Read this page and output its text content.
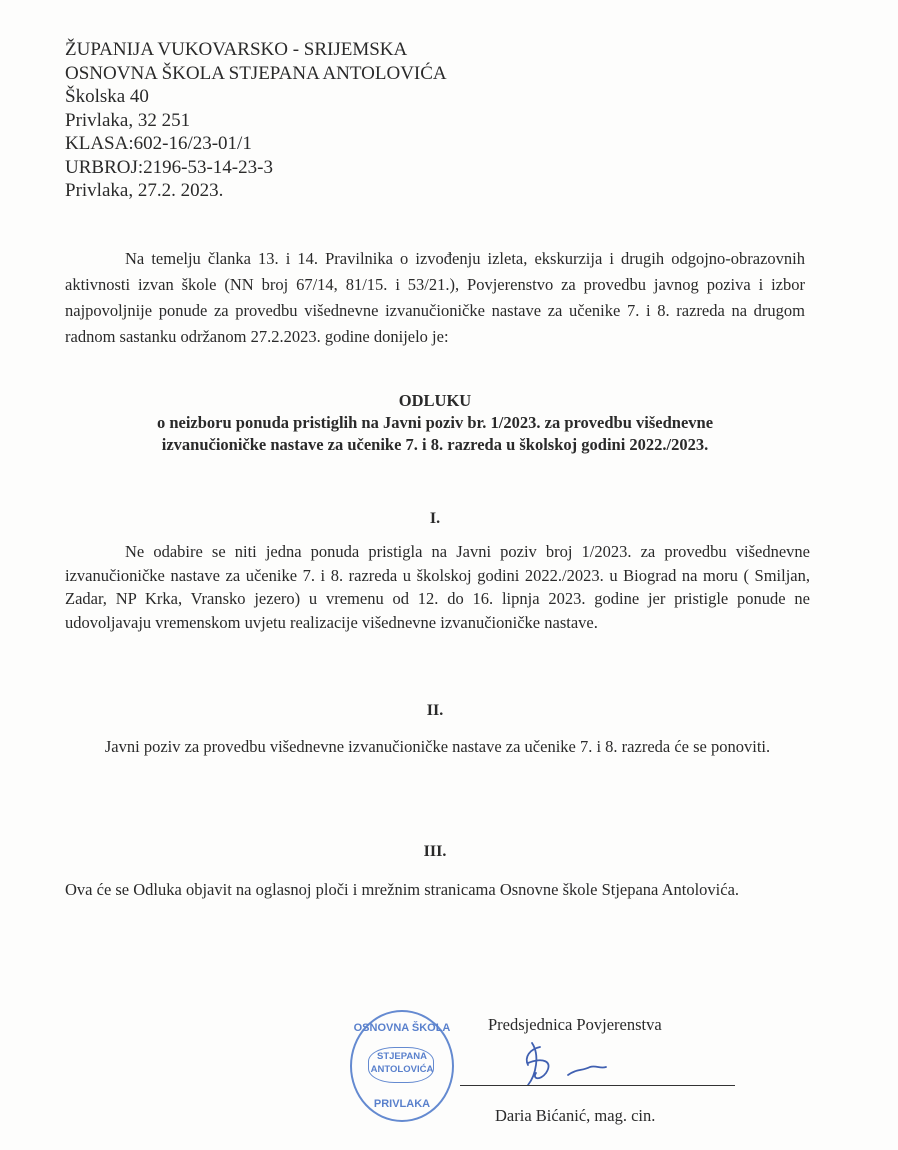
ŽUPANIJA VUKOVARSKO - SRIJEMSKA
OSNOVNA ŠKOLA STJEPANA ANTOLOVIĆA
Školska 40
Privlaka, 32 251
KLASA:602-16/23-01/1
URBROJ:2196-53-14-23-3
Privlaka, 27.2. 2023.
Na temelju članka 13. i 14. Pravilnika o izvođenju izleta, ekskurzija i drugih odgojno-obrazovnih aktivnosti izvan škole (NN broj 67/14, 81/15. i 53/21.), Povjerenstvo za provedbu javnog poziva i izbor najpovoljnije ponude za provedbu višednevne izvanučioničke nastave za učenike 7. i 8. razreda na drugom radnom sastanku održanom 27.2.2023. godine donijelo je:
ODLUKU
o neizboru ponuda pristiglih na Javni poziv br. 1/2023. za provedbu višednevne
izvanučioničke nastave za učenike 7. i 8. razreda u školskoj godini 2022./2023.
I.
Ne odabire se niti jedna ponuda pristigla na Javni poziv broj 1/2023. za provedbu višednevne izvanučioničke nastave za učenike 7. i 8. razreda u školskoj godini 2022./2023. u Biograd na moru ( Smiljan, Zadar, NP Krka, Vransko jezero) u vremenu od 12. do 16. lipnja 2023. godine jer pristigle ponude ne udovoljavaju vremenskom uvjetu realizacije višednevne izvanučioničke nastave.
II.
Javni poziv za provedbu višednevne izvanučioničke nastave za učenike 7. i 8. razreda će se ponoviti.
III.
Ova će se Odluka objavit na oglasnoj ploči i mrežnim stranicama Osnovne škole Stjepana Antolovića.
OSNOVNA ŠKOLA
STJEPANA
ANTOLOVIĆA
PRIVLAKA
Predsjednica Povjerenstva
Daria Bićanić, mag. cin.
